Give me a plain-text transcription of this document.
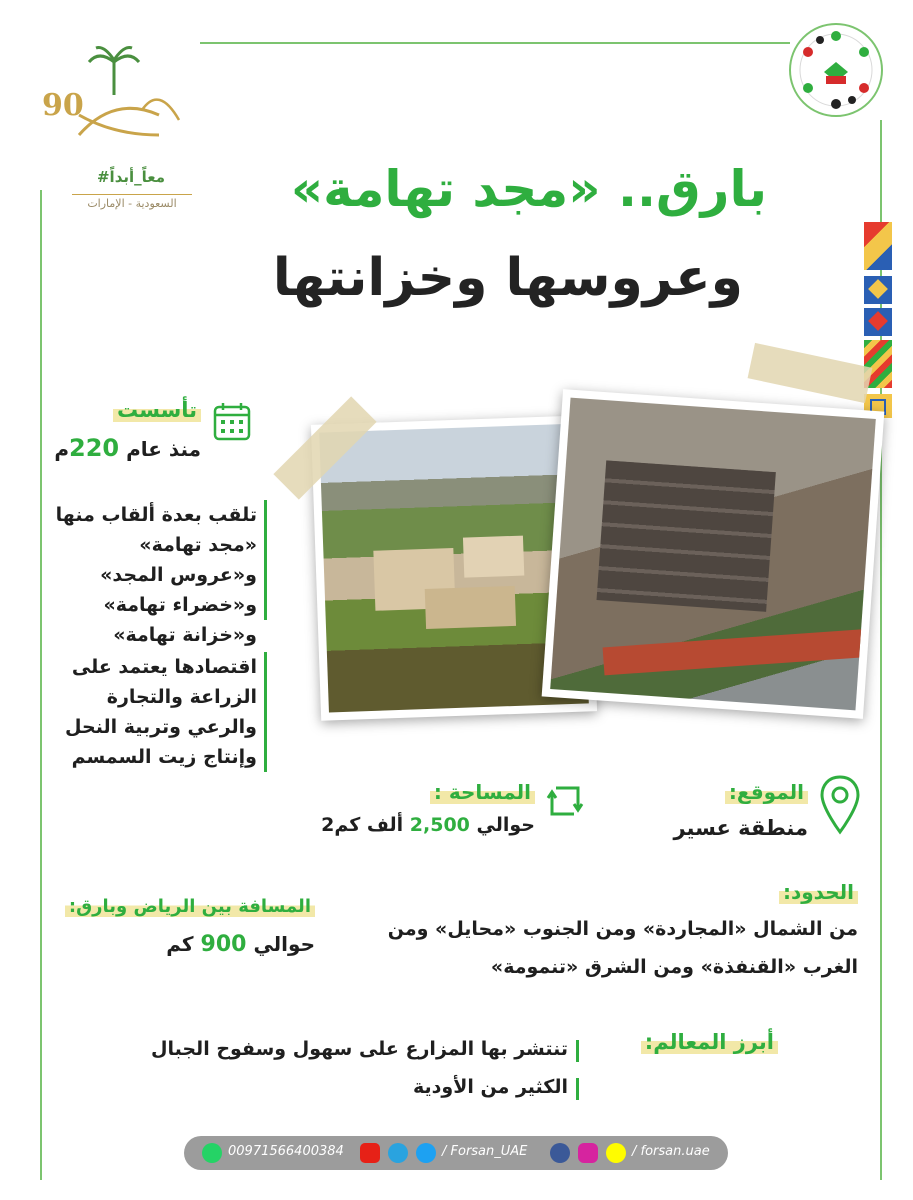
90
#معاً_أبداً
السعودية - الإمارات	بارق.. «مجد تهامة»
وعروسها وخزانتها
تأسست
منذ عام 220م
تلقب بعدة ألقاب منها «مجد تهامة» و«عروس المجد» و«خضراء تهامة» و«خزانة تهامة»
اقتصادها يعتمد على الزراعة والتجارة والرعي وتربية النحل وإنتاج زيت السمسم
المساحة :
حوالي 2,500 ألف كم2
الموقع:
منطقة عسير
المسافة بين الرياض وبارق:
حوالي 900 كم
الحدود:
من الشمال «المجاردة» ومن الجنوب «محايل» ومن
الغرب «القنفذة» ومن الشرق «تنمومة»
أبرز المعالم:
تنتشر بها المزارع على سهول وسفوح الجبال
الكثير من الأودية
00971566400384	/ Forsan_UAE	/ forsan.uae
